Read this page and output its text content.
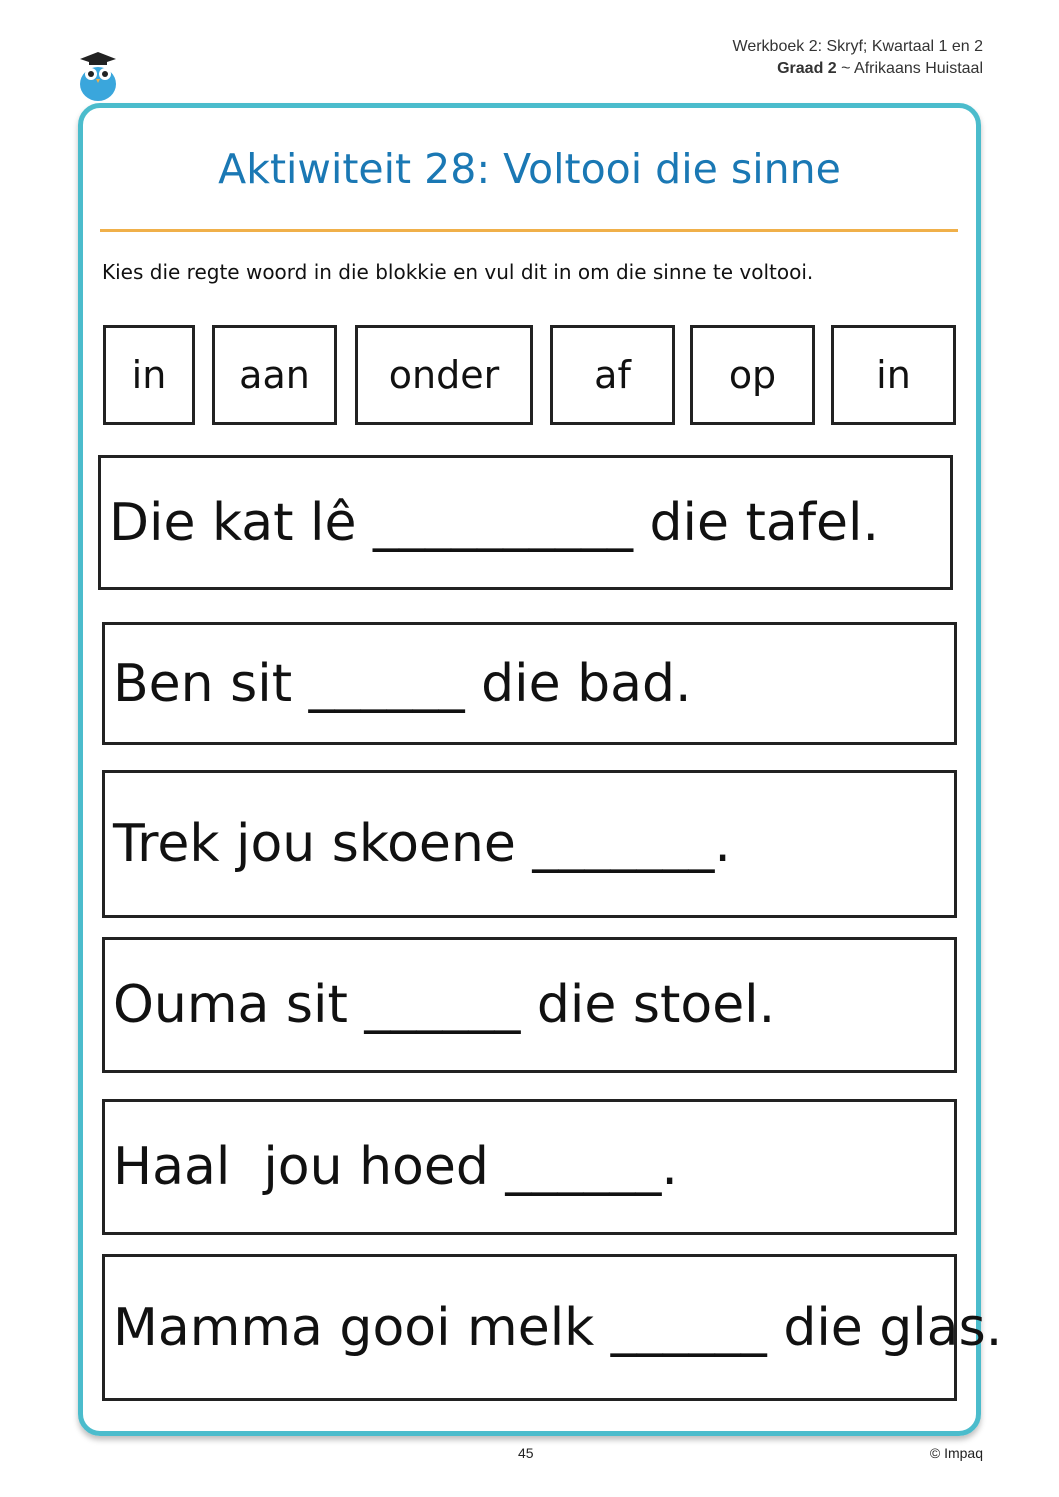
Werkboek 2: Skryf; Kwartaal 1 en 2
Graad 2 ~ Afrikaans Huistaal
Aktiwiteit 28: Voltooi die sinne
Kies die regte woord in die blokkie en vul dit in om die sinne te voltooi.
in	aan	onder	af	op	in
Die kat lê __________ die tafel.
Ben sit ______ die bad.
Trek jou skoene _______.
Ouma sit ______ die stoel.
Haal  jou hoed ______.
Mamma gooi melk ______ die glas.
45	© Impaq
